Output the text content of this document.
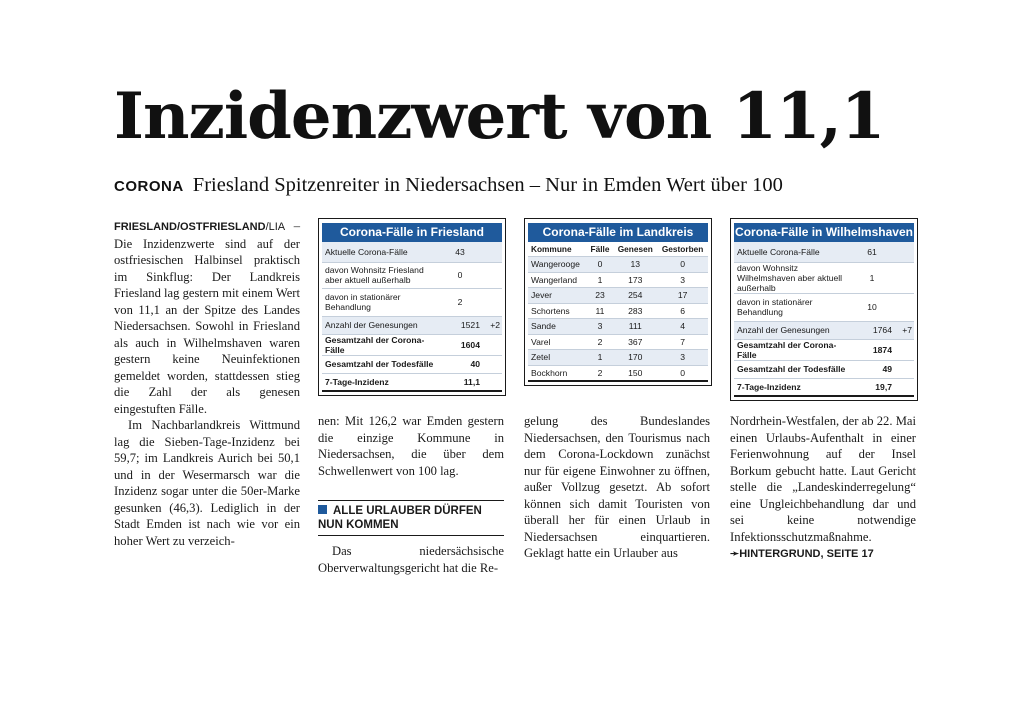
Inzidenzwert von 11,1
CORONA Friesland Spitzenreiter in Niedersachsen – Nur in Emden Wert über 100

FRIESLAND/OSTFRIESLAND/LIA – Die Inzidenzwerte sind auf der ostfriesischen Halbinsel praktisch im Sinkflug: Der Landkreis Friesland lag gestern mit einem Wert von 11,1 an der Spitze des Landes Niedersachsen. Sowohl in Friesland als auch in Wilhelmshaven waren gestern keine Neuinfektionen gemeldet worden, stattdessen stieg die Zahl der als genesen eingestuften Fälle.

Im Nachbarlandkreis Wittmund lag die Sieben-Tage-Inzidenz bei 59,7; im Landkreis Aurich bei 50,1 und in der Wesermarsch war die Inzidenz sogar unter die 50er-Marke gesunken (46,3). Lediglich in der Stadt Emden ist nach wie vor ein hoher Wert zu verzeich-

Corona-Fälle in Friesland
Aktuelle Corona-Fälle	43	
davon Wohnsitz Friesland aber aktuell außerhalb	0	
davon in stationärer Behandlung	2	
Anzahl der Genesungen	1521	+2
Gesamtzahl der Corona-Fälle	1604	
Gesamtzahl der Todesfälle	40	
7-Tage-Inzidenz	11,1	

nen: Mit 126,2 war Emden gestern die einzige Kommune in Niedersachsen, die über dem Schwellenwert von 100 lag.

ALLE URLAUBER DÜRFEN NUN KOMMEN

Das niedersächsische Oberverwaltungsgericht hat die Re-

Corona-Fälle im Landkreis
Kommune	Fälle	Genesen	Gestorben
Wangerooge	0	13	0
Wangerland	1	173	3
Jever	23	254	17
Schortens	11	283	6
Sande	3	111	4
Varel	2	367	7
Zetel	1	170	3
Bockhorn	2	150	0

gelung des Bundeslandes Niedersachsen, den Tourismus nach dem Corona-Lockdown zunächst nur für eigene Einwohner zu öffnen, außer Vollzug gesetzt. Ab sofort können sich damit Touristen von überall her für einen Urlaub in Niedersachsen einquartieren. Geklagt hatte ein Urlauber aus

Corona-Fälle in Wilhelmshaven
Aktuelle Corona-Fälle	61	
davon Wohnsitz Wilhelmshaven aber aktuell außerhalb	1	
davon in stationärer Behandlung	10	
Anzahl der Genesungen	1764	+7
Gesamtzahl der Corona-Fälle	1874	
Gesamtzahl der Todesfälle	49	
7-Tage-Inzidenz	19,7	

Nordrhein-Westfalen, der ab 22. Mai einen Urlaubs-Aufenthalt in einer Ferienwohnung auf der Insel Borkum gebucht hatte. Laut Gericht stelle die „Landeskinderregelung“ eine Ungleichbehandlung dar und sei keine notwendige Infektionsschutzmaßnahme.

➛HINTERGRUND, SEITE 17
